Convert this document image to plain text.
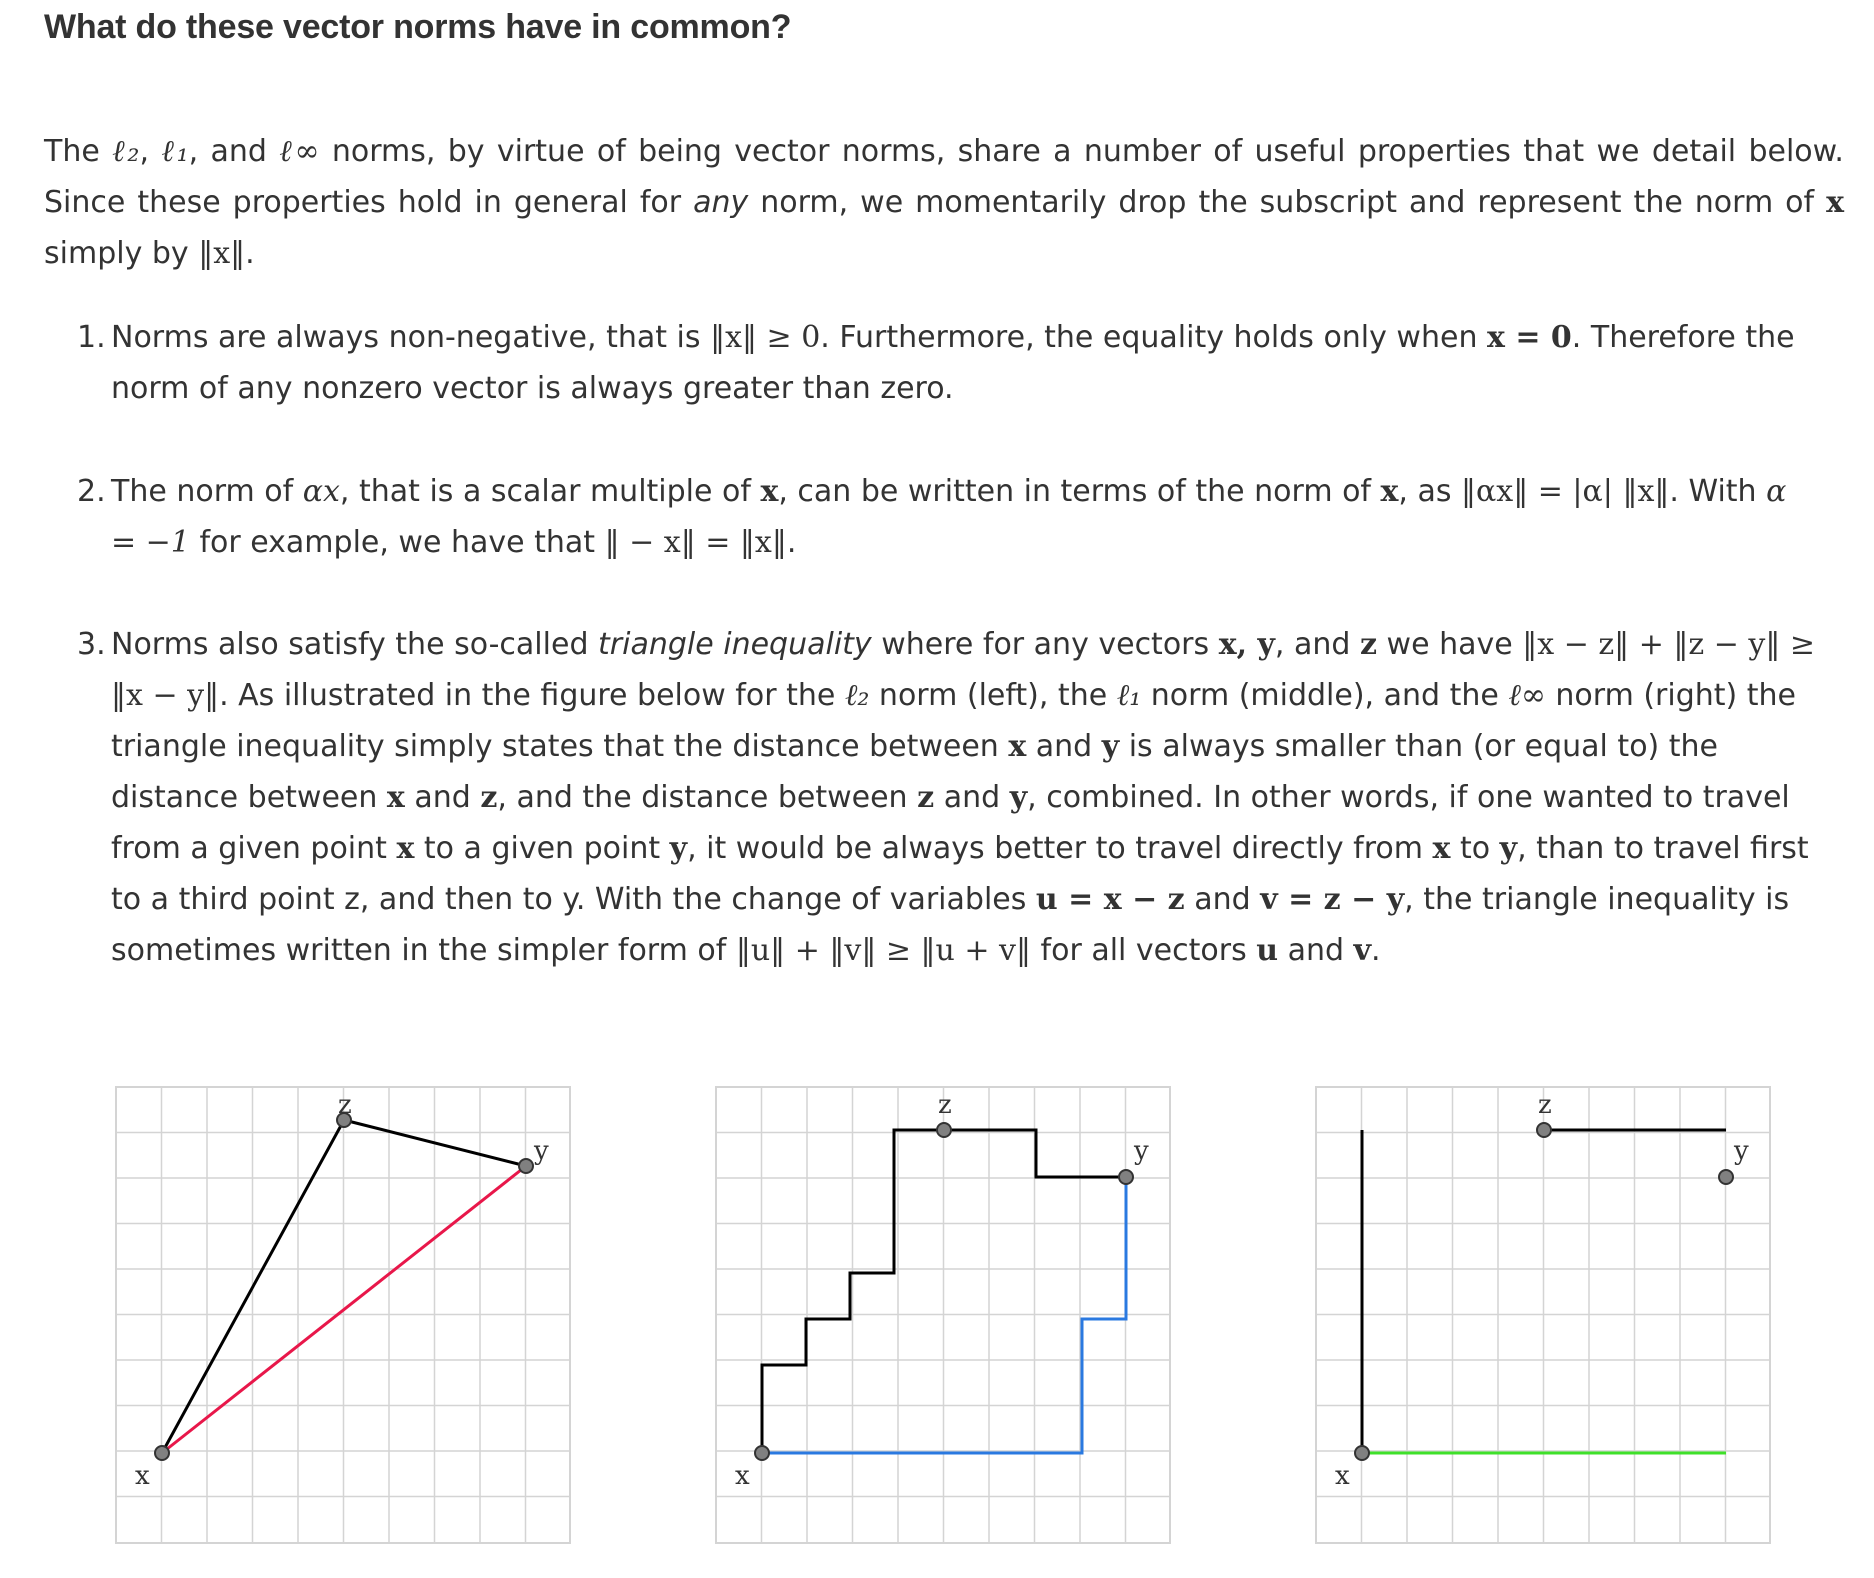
What do these vector norms have in common?
The ℓ₂, ℓ₁, and ℓ∞ norms, by virtue of being vector norms, share a number of useful properties that we detail below. Since these properties hold in general for any norm, we momentarily drop the subscript and represent the norm of x simply by ‖x‖.
1. Norms are always non-negative, that is ‖x‖ ≥ 0. Furthermore, the equality holds only when x = 0. Therefore the norm of any nonzero vector is always greater than zero.
2. The norm of αx, that is a scalar multiple of x, can be written in terms of the norm of x, as ‖αx‖ = |α| ‖x‖. With α = −1 for example, we have that ‖ − x‖ = ‖x‖.
3. Norms also satisfy the so-called triangle inequality where for any vectors x, y, and z we have ‖x − z‖ + ‖z − y‖ ≥ ‖x − y‖. As illustrated in the figure below for the ℓ₂ norm (left), the ℓ₁ norm (middle), and the ℓ∞ norm (right) the triangle inequality simply states that the distance between x and y is always smaller than (or equal to) the distance between x and z, and the distance between z and y, combined. In other words, if one wanted to travel from a given point x to a given point y, it would be always better to travel directly from x to y, than to travel first to a third point z, and then to y. With the change of variables u = x − z and v = z − y, the triangle inequality is sometimes written in the simpler form of ‖u‖ + ‖v‖ ≥ ‖u + v‖ for all vectors u and v.
x
z
y
x
z
y
x
z
y
